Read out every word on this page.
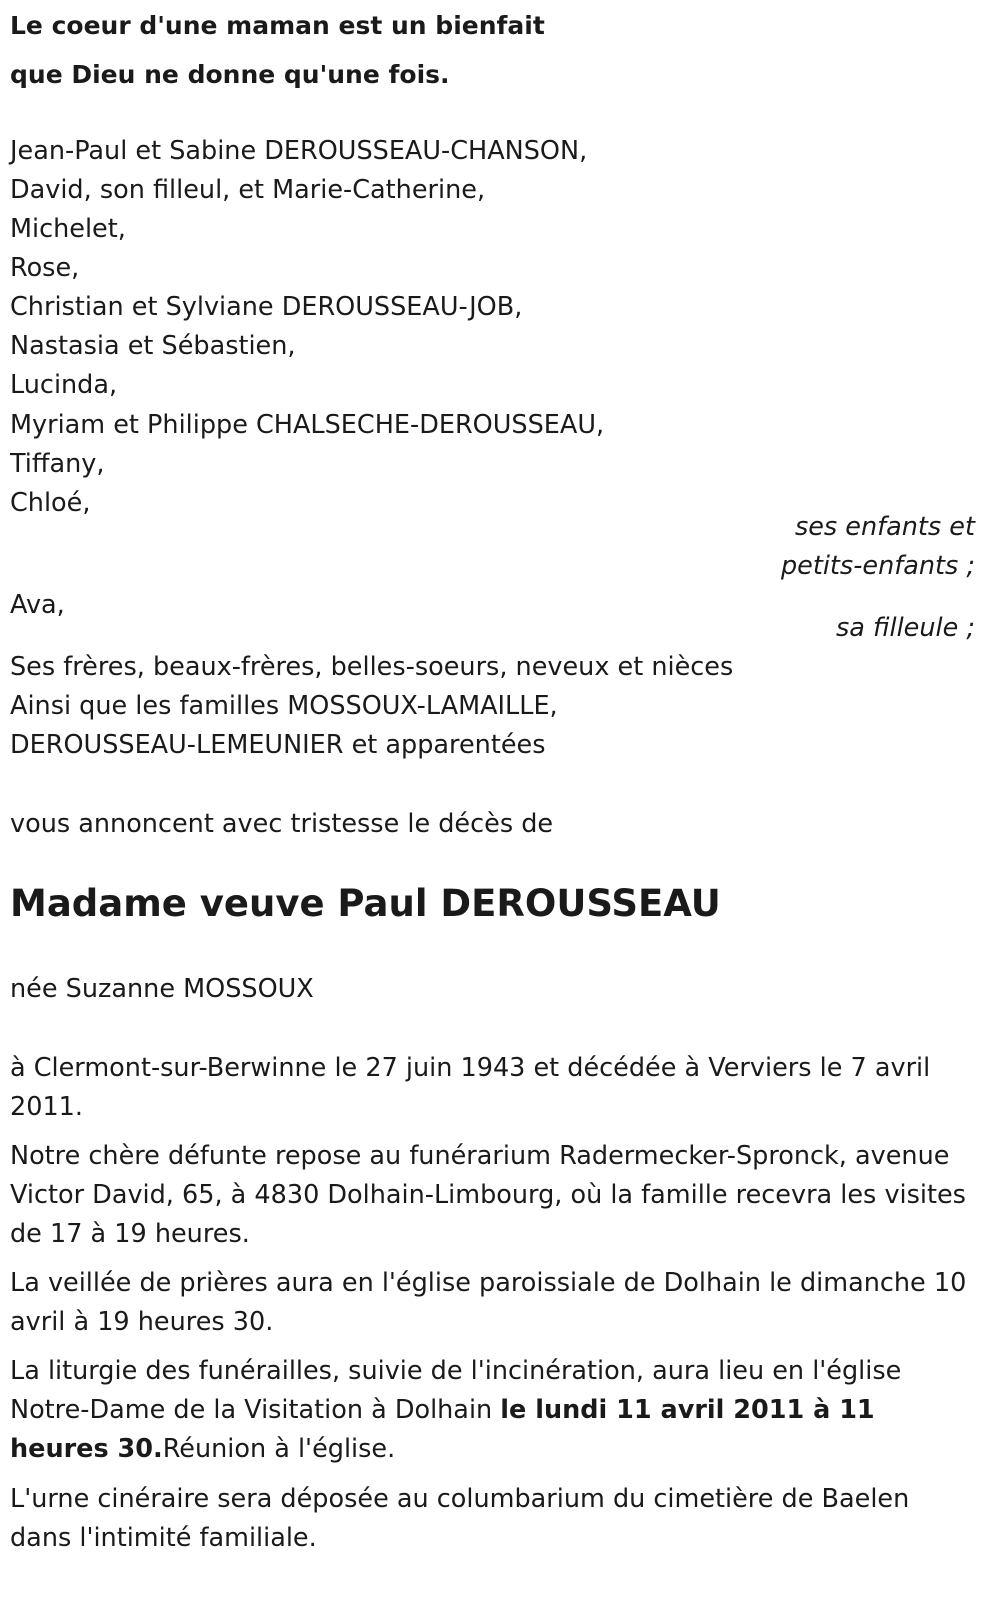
Le coeur d'une maman est un bienfait
que Dieu ne donne qu'une fois.
Jean-Paul et Sabine DEROUSSEAU-CHANSON,
David, son filleul, et Marie-Catherine,
Michelet,
Rose,
Christian et Sylviane DEROUSSEAU-JOB,
Nastasia et Sébastien,
Lucinda,
Myriam et Philippe CHALSECHE-DEROUSSEAU,
Tiffany,
Chloé,
ses enfants et
petits-enfants ;
Ava,
sa filleule ;
Ses frères, beaux-frères, belles-soeurs, neveux et nièces
Ainsi que les familles MOSSOUX-LAMAILLE,
DEROUSSEAU-LEMEUNIER et apparentées
vous annoncent avec tristesse le décès de
Madame veuve Paul DEROUSSEAU
née Suzanne MOSSOUX
à Clermont-sur-Berwinne le 27 juin 1943 et décédée à Verviers le 7 avril 2011.
Notre chère défunte repose au funérarium Radermecker-Spronck, avenue Victor David, 65, à 4830 Dolhain-Limbourg, où la famille recevra les visites de 17 à 19 heures.
La veillée de prières aura en l'église paroissiale de Dolhain le dimanche 10 avril à 19 heures 30.
La liturgie des funérailles, suivie de l'incinération, aura lieu en l'église Notre-Dame de la Visitation à Dolhain le lundi 11 avril 2011 à 11 heures 30.Réunion à l'église.
L'urne cinéraire sera déposée au columbarium du cimetière de Baelen dans l'intimité familiale.
